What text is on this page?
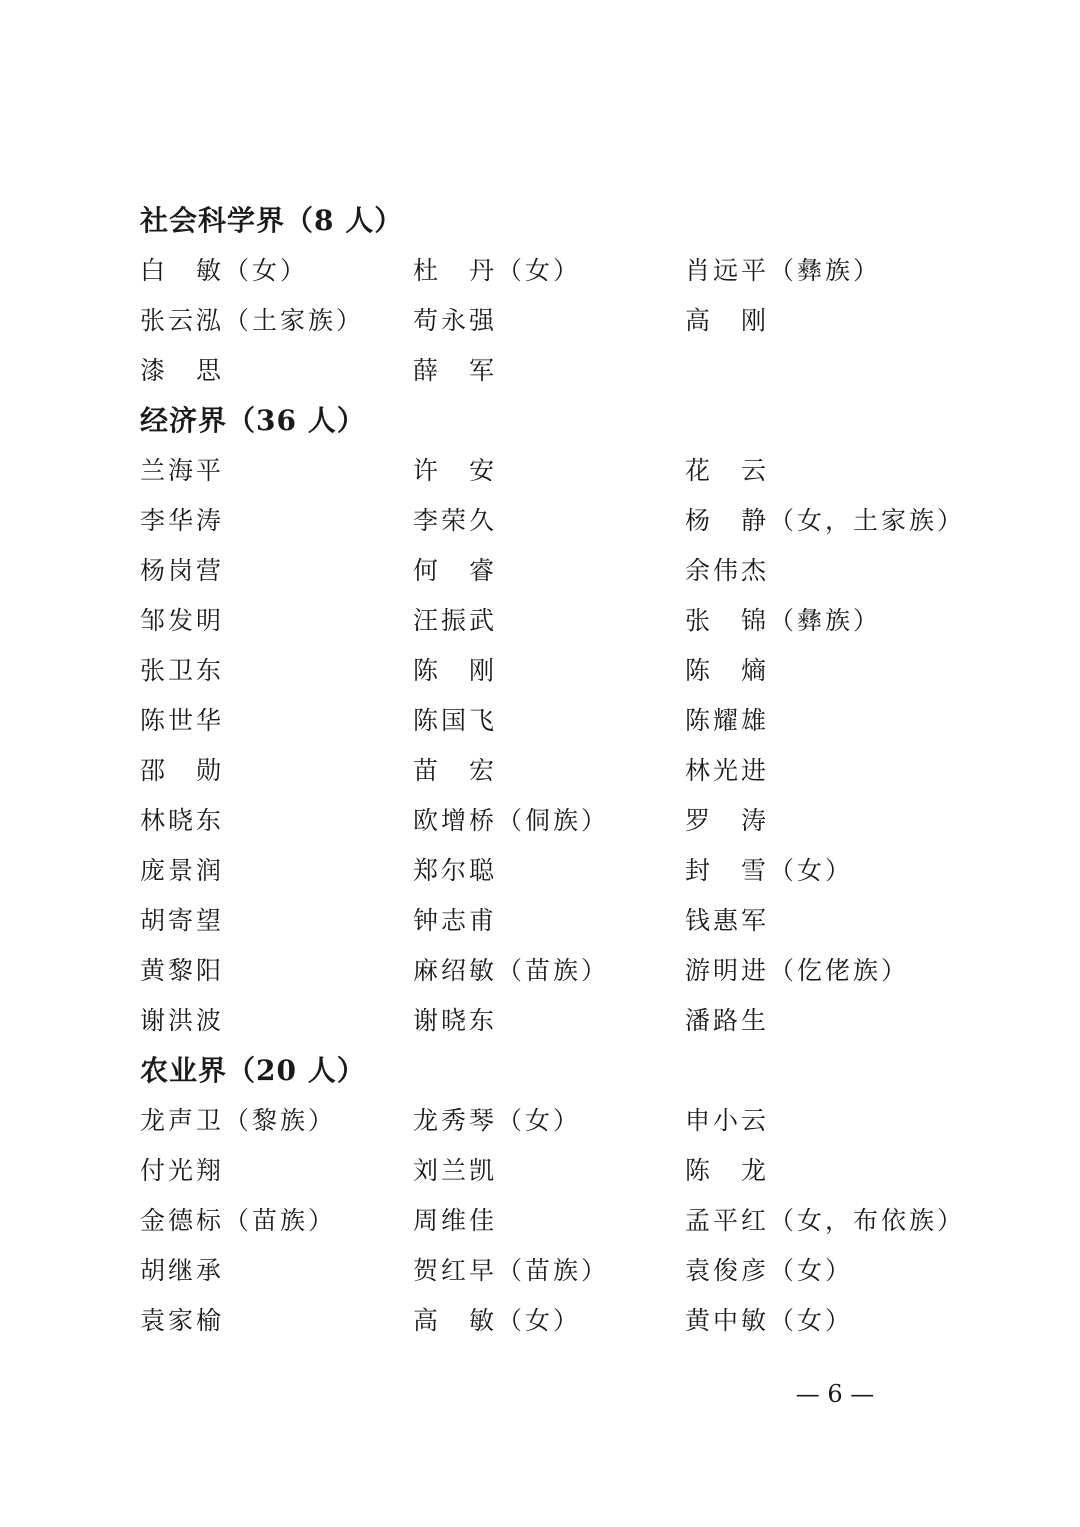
社会科学界（8 人）
白　敏（女）	杜　丹（女）	肖远平（彝族）
张云泓（土家族）	苟永强	高　刚
漆　思	薛　军
经济界（36 人）
兰海平	许　安	花　云
李华涛	李荣久	杨　静（女，土家族）
杨岗营	何　睿	余伟杰
邹发明	汪振武	张　锦（彝族）
张卫东	陈　刚	陈　熵
陈世华	陈国飞	陈耀雄
邵　勋	苗　宏	林光进
林晓东	欧增桥（侗族）	罗　涛
庞景润	郑尔聪	封　雪（女）
胡寄望	钟志甫	钱惠军
黄黎阳	麻绍敏（苗族）	游明进（仡佬族）
谢洪波	谢晓东	潘路生
农业界（20 人）
龙声卫（黎族）	龙秀琴（女）	申小云
付光翔	刘兰凯	陈　龙
金德标（苗族）	周维佳	孟平红（女，布依族）
胡继承	贺红早（苗族）	袁俊彦（女）
袁家榆	高　敏（女）	黄中敏（女）
— 6 —
